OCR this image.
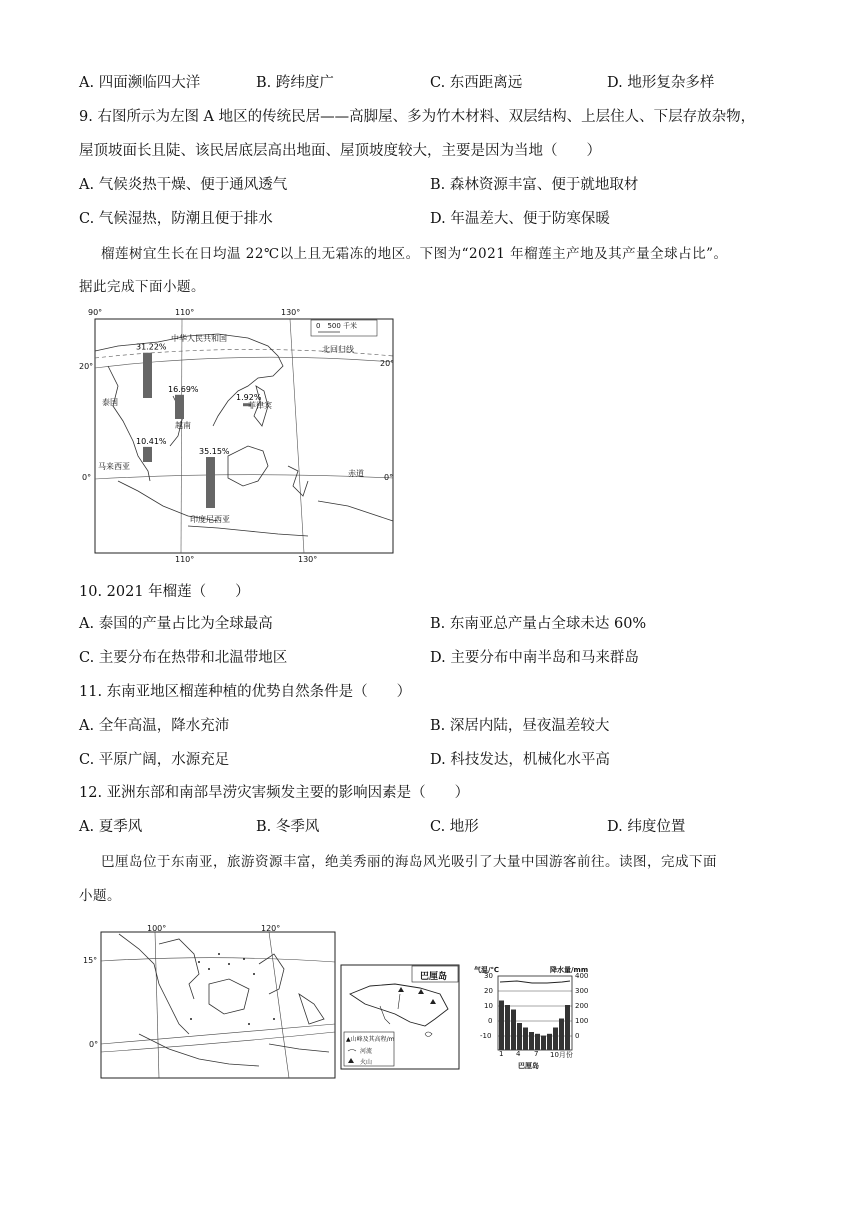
A. 四面濒临四大洋	B. 跨纬度广	C. 东西距离远	D. 地形复杂多样
9. 右图所示为左图 A 地区的传统民居——高脚屋、多为竹木材料、双层结构、上层住人、下层存放杂物，
屋顶坡面长且陡、该民居底层高出地面、屋顶坡度较大，主要是因为当地（　　）
A. 气候炎热干燥、便于通风透气	B. 森林资源丰富、便于就地取材
C. 气候湿热，防潮且便于排水	D. 年温差大、便于防寒保暖
榴莲树宜生长在日均温 22℃以上且无霜冻的地区。下图为“2021 年榴莲主产地及其产量全球占比”。
据此完成下面小题。
31.22%
16.69%
1.92%
10.41%
35.15%
90°	110°	130°
110°	130°
20°
0°
20°
0°
0　500 千米
中华人民共和国
北回归线
赤道
泰国
越南
菲律宾
马来西亚
印度尼西亚
10. 2021 年榴莲（　　）
A. 泰国的产量占比为全球最高	B. 东南亚总产量占全球未达 60%
C. 主要分布在热带和北温带地区	D. 主要分布中南半岛和马来群岛
11. 东南亚地区榴莲种植的优势自然条件是（　　）
A. 全年高温，降水充沛	B. 深居内陆，昼夜温差较大
C. 平原广阔，水源充足	D. 科技发达，机械化水平高
12. 亚洲东部和南部旱涝灾害频发主要的影响因素是（　　）
A. 夏季风	B. 冬季风	C. 地形	D. 纬度位置
巴厘岛位于东南亚，旅游资源丰富，绝美秀丽的海岛风光吸引了大量中国游客前往。读图，完成下面
小题。
100°	120°
15°
0°
巴厘岛
▲山峰及其高程/m
河流
火山
气温/℃	降水量/mm
30
20
10
0
-10
400
300
200
100
0
1 4 7 10月份
巴厘岛
